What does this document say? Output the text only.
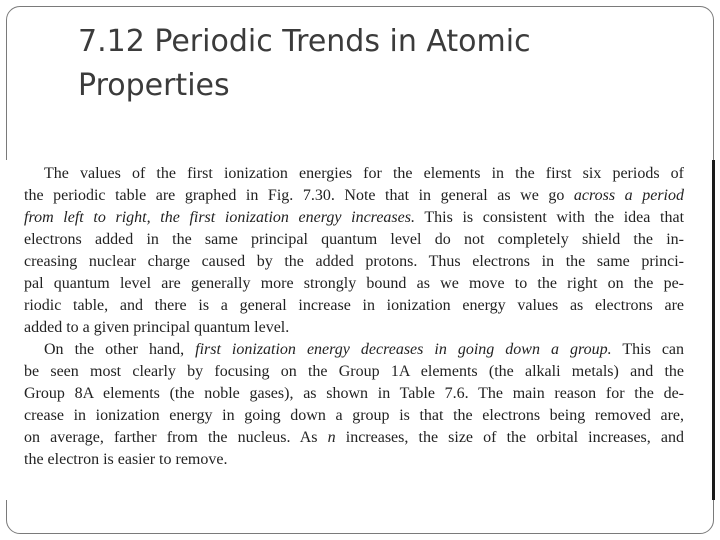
7.12 Periodic Trends in Atomic Properties

The values of the first ionization energies for the elements in the first six periods of
the periodic table are graphed in Fig. 7.30. Note that in general as we go across a period
from left to right, the first ionization energy increases. This is consistent with the idea that
electrons added in the same principal quantum level do not completely shield the in-
creasing nuclear charge caused by the added protons. Thus electrons in the same princi-
pal quantum level are generally more strongly bound as we move to the right on the pe-
riodic table, and there is a general increase in ionization energy values as electrons are
added to a given principal quantum level.

On the other hand, first ionization energy decreases in going down a group. This can
be seen most clearly by focusing on the Group 1A elements (the alkali metals) and the
Group 8A elements (the noble gases), as shown in Table 7.6. The main reason for the de-
crease in ionization energy in going down a group is that the electrons being removed are,
on average, farther from the nucleus. As n increases, the size of the orbital increases, and
the electron is easier to remove.
